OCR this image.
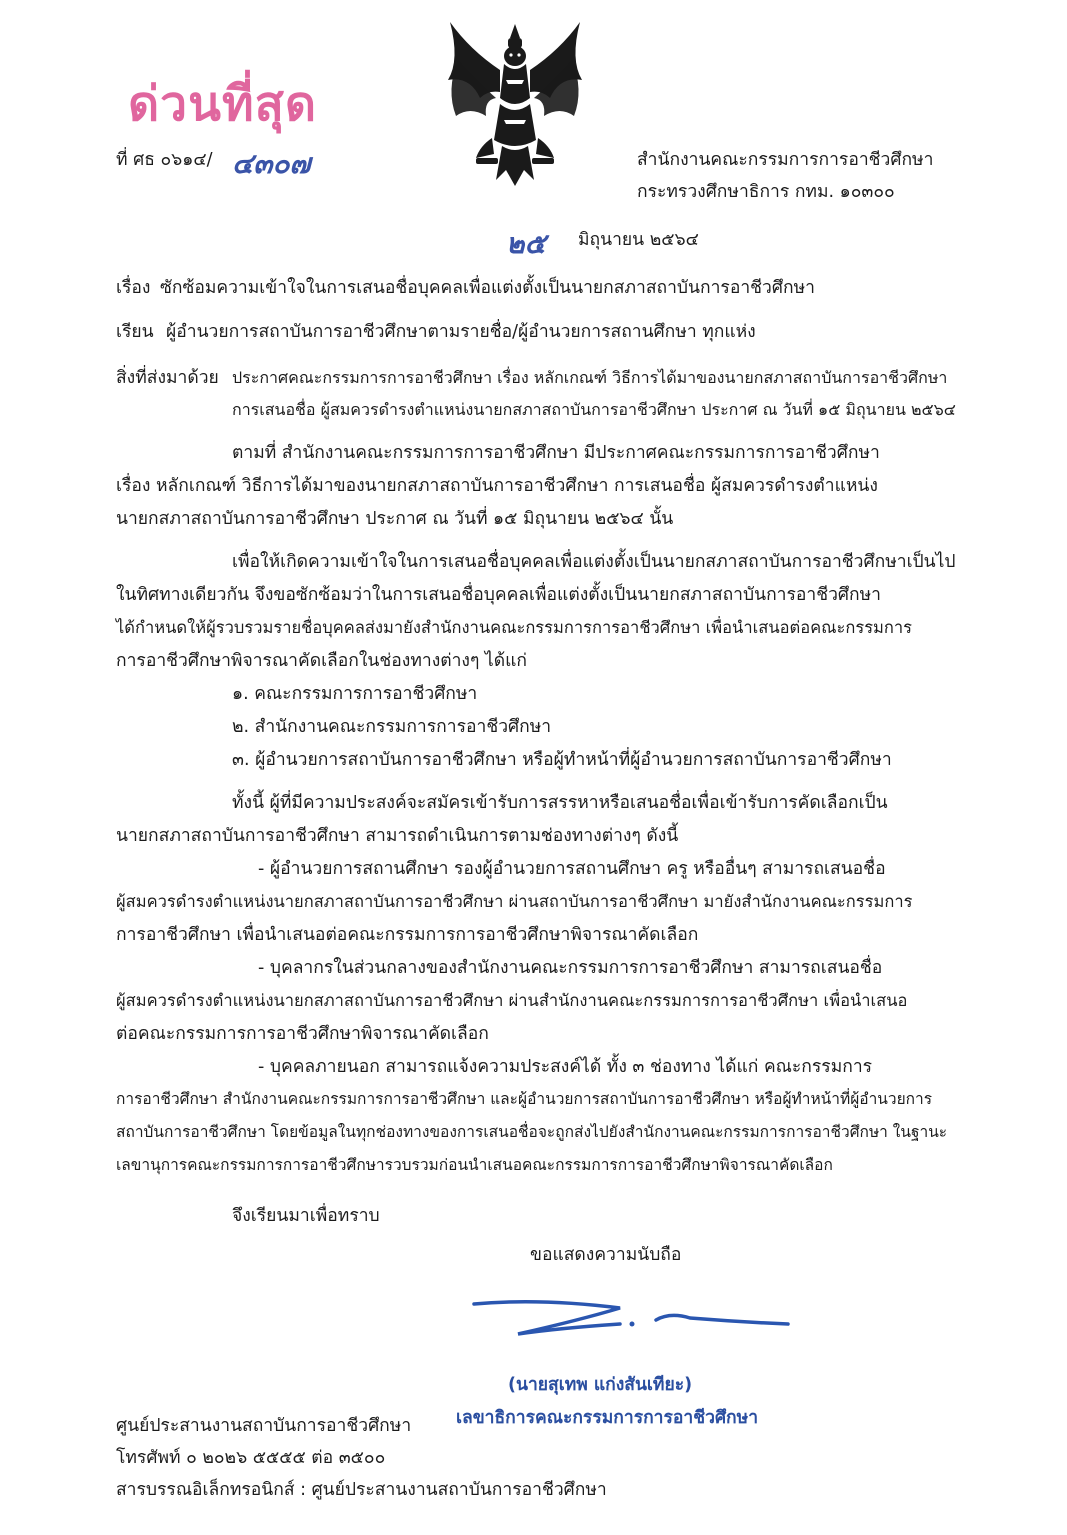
ด่วนที่สุด
ที่ ศธ ๐๖๑๔/ ๔๓๐๗	สำนักงานคณะกรรมการการอาชีวศึกษา
กระทรวงศึกษาธิการ กทม. ๑๐๓๐๐
๒๕ มิถุนายน ๒๕๖๔
เรื่อง ซักซ้อมความเข้าใจในการเสนอชื่อบุคคลเพื่อแต่งตั้งเป็นนายกสภาสถาบันการอาชีวศึกษา
เรียน ผู้อำนวยการสถาบันการอาชีวศึกษาตามรายชื่อ/ผู้อำนวยการสถานศึกษา ทุกแห่ง
สิ่งที่ส่งมาด้วย ประกาศคณะกรรมการการอาชีวศึกษา เรื่อง หลักเกณฑ์ วิธีการได้มาของนายกสภาสถาบันการอาชีวศึกษา
การเสนอชื่อ ผู้สมควรดำรงตำแหน่งนายกสภาสถาบันการอาชีวศึกษา ประกาศ ณ วันที่ ๑๕ มิถุนายน ๒๕๖๔
ตามที่ สำนักงานคณะกรรมการการอาชีวศึกษา มีประกาศคณะกรรมการการอาชีวศึกษา
เรื่อง หลักเกณฑ์ วิธีการได้มาของนายกสภาสถาบันการอาชีวศึกษา การเสนอชื่อ ผู้สมควรดำรงตำแหน่ง
นายกสภาสถาบันการอาชีวศึกษา ประกาศ ณ วันที่ ๑๕ มิถุนายน ๒๕๖๔ นั้น
เพื่อให้เกิดความเข้าใจในการเสนอชื่อบุคคลเพื่อแต่งตั้งเป็นนายกสภาสถาบันการอาชีวศึกษาเป็นไป
ในทิศทางเดียวกัน จึงขอซักซ้อมว่าในการเสนอชื่อบุคคลเพื่อแต่งตั้งเป็นนายกสภาสถาบันการอาชีวศึกษา
ได้กำหนดให้ผู้รวบรวมรายชื่อบุคคลส่งมายังสำนักงานคณะกรรมการการอาชีวศึกษา เพื่อนำเสนอต่อคณะกรรมการ
การอาชีวศึกษาพิจารณาคัดเลือกในช่องทางต่างๆ ได้แก่
๑. คณะกรรมการการอาชีวศึกษา
๒. สำนักงานคณะกรรมการการอาชีวศึกษา
๓. ผู้อำนวยการสถาบันการอาชีวศึกษา หรือผู้ทำหน้าที่ผู้อำนวยการสถาบันการอาชีวศึกษา
ทั้งนี้ ผู้ที่มีความประสงค์จะสมัครเข้ารับการสรรหาหรือเสนอชื่อเพื่อเข้ารับการคัดเลือกเป็น
นายกสภาสถาบันการอาชีวศึกษา สามารถดำเนินการตามช่องทางต่างๆ ดังนี้
- ผู้อำนวยการสถานศึกษา รองผู้อำนวยการสถานศึกษา ครู หรืออื่นๆ สามารถเสนอชื่อ
ผู้สมควรดำรงตำแหน่งนายกสภาสถาบันการอาชีวศึกษา ผ่านสถาบันการอาชีวศึกษา มายังสำนักงานคณะกรรมการ
การอาชีวศึกษา เพื่อนำเสนอต่อคณะกรรมการการอาชีวศึกษาพิจารณาคัดเลือก
- บุคลากรในส่วนกลางของสำนักงานคณะกรรมการการอาชีวศึกษา สามารถเสนอชื่อ
ผู้สมควรดำรงตำแหน่งนายกสภาสถาบันการอาชีวศึกษา ผ่านสำนักงานคณะกรรมการการอาชีวศึกษา เพื่อนำเสนอ
ต่อคณะกรรมการการอาชีวศึกษาพิจารณาคัดเลือก
- บุคคลภายนอก สามารถแจ้งความประสงค์ได้ ทั้ง ๓ ช่องทาง ได้แก่ คณะกรรมการ
การอาชีวศึกษา สำนักงานคณะกรรมการการอาชีวศึกษา และผู้อำนวยการสถาบันการอาชีวศึกษา หรือผู้ทำหน้าที่ผู้อำนวยการ
สถาบันการอาชีวศึกษา โดยข้อมูลในทุกช่องทางของการเสนอชื่อจะถูกส่งไปยังสำนักงานคณะกรรมการการอาชีวศึกษา ในฐานะ
เลขานุการคณะกรรมการการอาชีวศึกษารวบรวมก่อนนำเสนอคณะกรรมการการอาชีวศึกษาพิจารณาคัดเลือก
จึงเรียนมาเพื่อทราบ
ขอแสดงความนับถือ
(นายสุเทพ แก่งสันเทียะ)
เลขาธิการคณะกรรมการการอาชีวศึกษา
ศูนย์ประสานงานสถาบันการอาชีวศึกษา
โทรศัพท์ ๐ ๒๐๒๖ ๕๕๕๕ ต่อ ๓๕๐๐
สารบรรณอิเล็กทรอนิกส์ : ศูนย์ประสานงานสถาบันการอาชีวศึกษา
